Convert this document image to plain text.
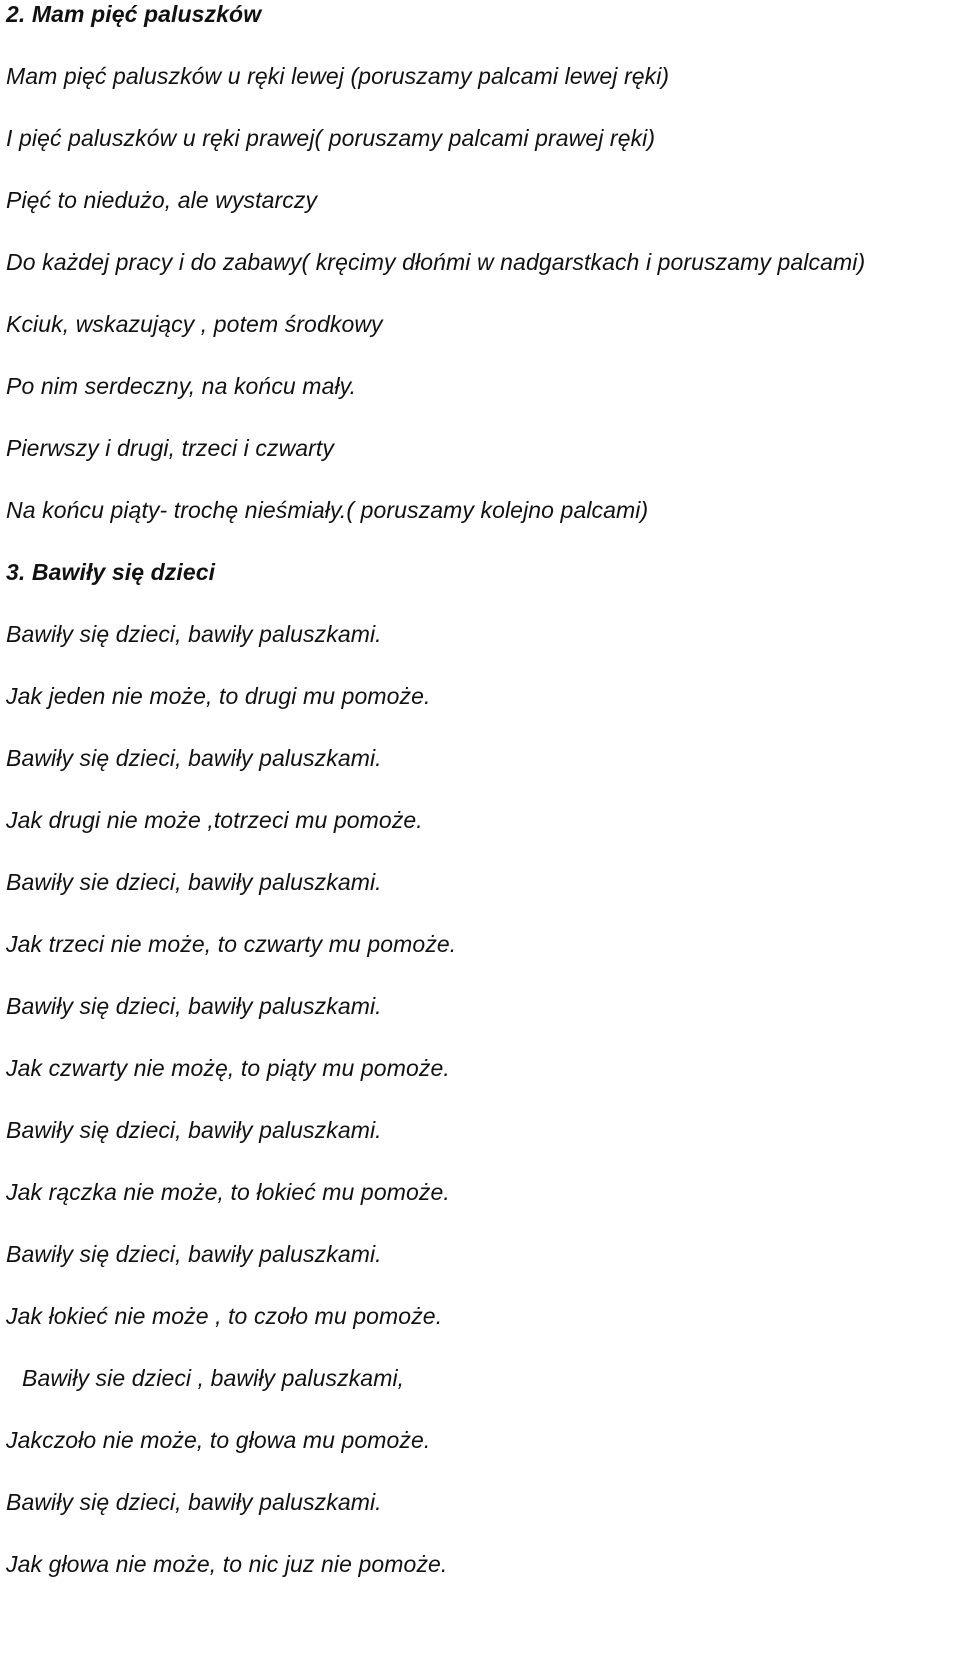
2. Mam pięć paluszków
Mam pięć paluszków u ręki lewej (poruszamy palcami lewej ręki)
I pięć paluszków u ręki prawej( poruszamy palcami prawej ręki)
Pięć to niedużo, ale wystarczy
Do każdej pracy i do zabawy( kręcimy dłońmi w nadgarstkach i poruszamy palcami)
Kciuk, wskazujący , potem środkowy
Po nim serdeczny, na końcu mały.
Pierwszy i drugi, trzeci i czwarty
Na końcu piąty- trochę nieśmiały.( poruszamy kolejno palcami)
3. Bawiły się dzieci
Bawiły się dzieci, bawiły paluszkami.
Jak jeden nie może, to drugi mu pomoże.
Bawiły się dzieci, bawiły paluszkami.
Jak drugi nie może ,totrzeci mu pomoże.
Bawiły sie dzieci, bawiły paluszkami.
Jak trzeci nie może, to czwarty mu pomoże.
Bawiły się dzieci, bawiły paluszkami.
Jak czwarty nie możę, to piąty mu pomoże.
Bawiły się dzieci, bawiły paluszkami.
Jak rączka nie może, to łokieć mu pomoże.
Bawiły się dzieci, bawiły paluszkami.
Jak łokieć nie może , to czoło mu pomoże.
Bawiły sie dzieci , bawiły paluszkami,
Jakczoło nie może, to głowa mu pomoże.
Bawiły się dzieci, bawiły paluszkami.
Jak głowa nie może, to nic juz nie pomoże.
